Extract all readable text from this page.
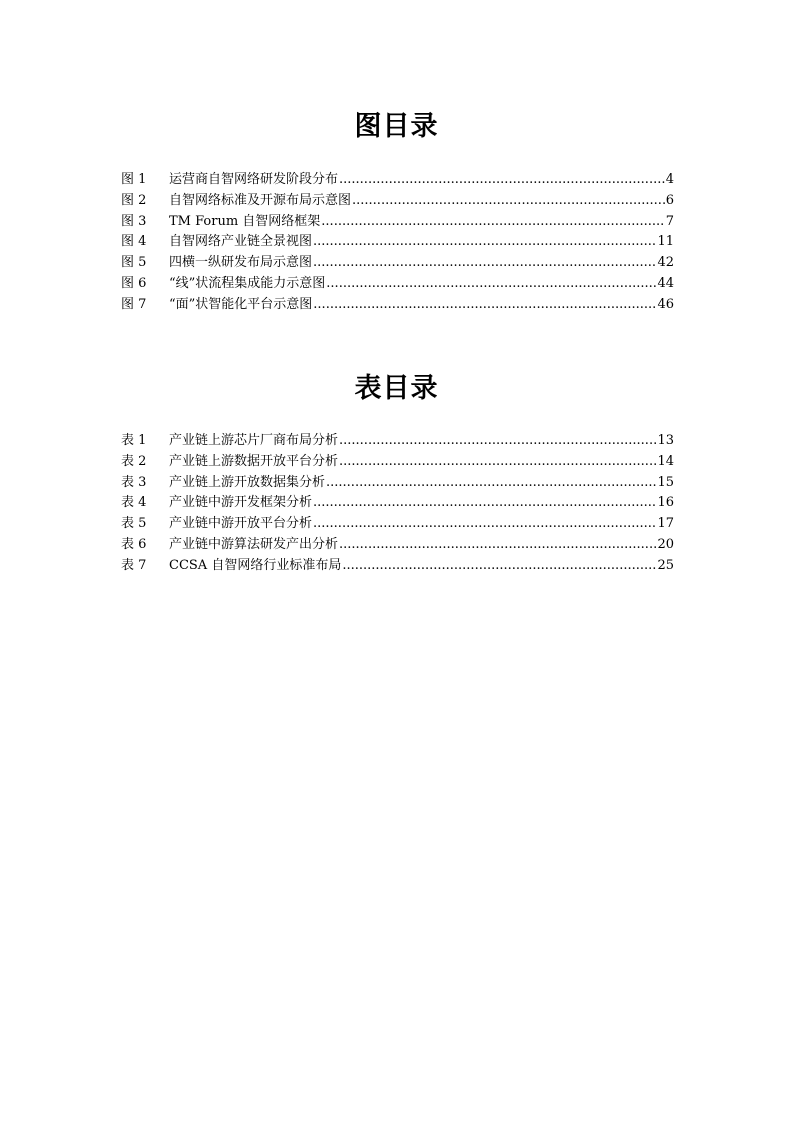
图目录
图 1	运营商自智网络研发阶段分布 .....	4
图 2	自智网络标准及开源布局示意图 .....	6
图 3	TM Forum 自智网络框架 .....	7
图 4	自智网络产业链全景视图 .....	11
图 5	四横一纵研发布局示意图 .....	42
图 6	“线”状流程集成能力示意图 .....	44
图 7	“面”状智能化平台示意图 .....	46
表目录
表 1	产业链上游芯片厂商布局分析 .....	13
表 2	产业链上游数据开放平台分析 .....	14
表 3	产业链上游开放数据集分析 .....	15
表 4	产业链中游开发框架分析 .....	16
表 5	产业链中游开放平台分析 .....	17
表 6	产业链中游算法研发产出分析 .....	20
表 7	CCSA 自智网络行业标准布局 .....	25
